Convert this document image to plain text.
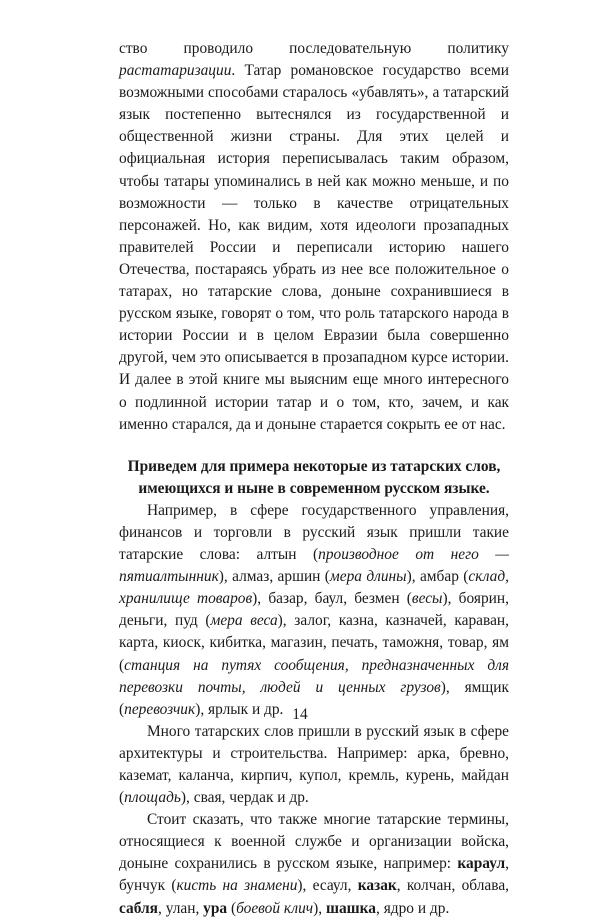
ство проводило последовательную политику растатаризации. Татар романовское государство всеми возможными способами старалось «убавлять», а татарский язык постепенно вытеснялся из государственной и общественной жизни страны. Для этих целей и официальная история переписывалась таким образом, чтобы татары упоминались в ней как можно меньше, и по возможности — только в качестве отрицательных персонажей. Но, как видим, хотя идеологи прозападных правителей России и переписали историю нашего Отечества, постараясь убрать из нее все положительное о татарах, но татарские слова, доныне сохранившиеся в русском языке, говорят о том, что роль татарского народа в истории России и в целом Евразии была совершенно другой, чем это описывается в прозападном курсе истории. И далее в этой книге мы выясним еще много интересного о подлинной истории татар и о том, кто, зачем, и как именно старался, да и доныне старается сокрыть ее от нас.

Приведем для примера некоторые из татарских слов,
имеющихся и ныне в современном русском языке.

Например, в сфере государственного управления, финансов и торговли в русский язык пришли такие татарские слова: алтын (производное от него — пятиалтынник), алмаз, аршин (мера длины), амбар (склад, хранилище товаров), базар, баул, безмен (весы), боярин, деньги, пуд (мера веса), залог, казна, казначей, караван, карта, киоск, кибитка, магазин, печать, таможня, товар, ям (станция на путях сообщения, предназначенных для перевозки почты, людей и ценных грузов), ямщик (перевозчик), ярлык и др.

Много татарских слов пришли в русский язык в сфере архитектуры и строительства. Например: арка, бревно, каземат, каланча, кирпич, купол, кремль, курень, майдан (площадь), свая, чердак и др.

Стоит сказать, что также многие татарские термины, относящиеся к военной службе и организации войска, доныне сохранились в русском языке, например: караул, бунчук (кисть на знамени), есаул, казак, колчан, облава, сабля, улан, ура (боевой клич), шашка, ядро и др.

14
